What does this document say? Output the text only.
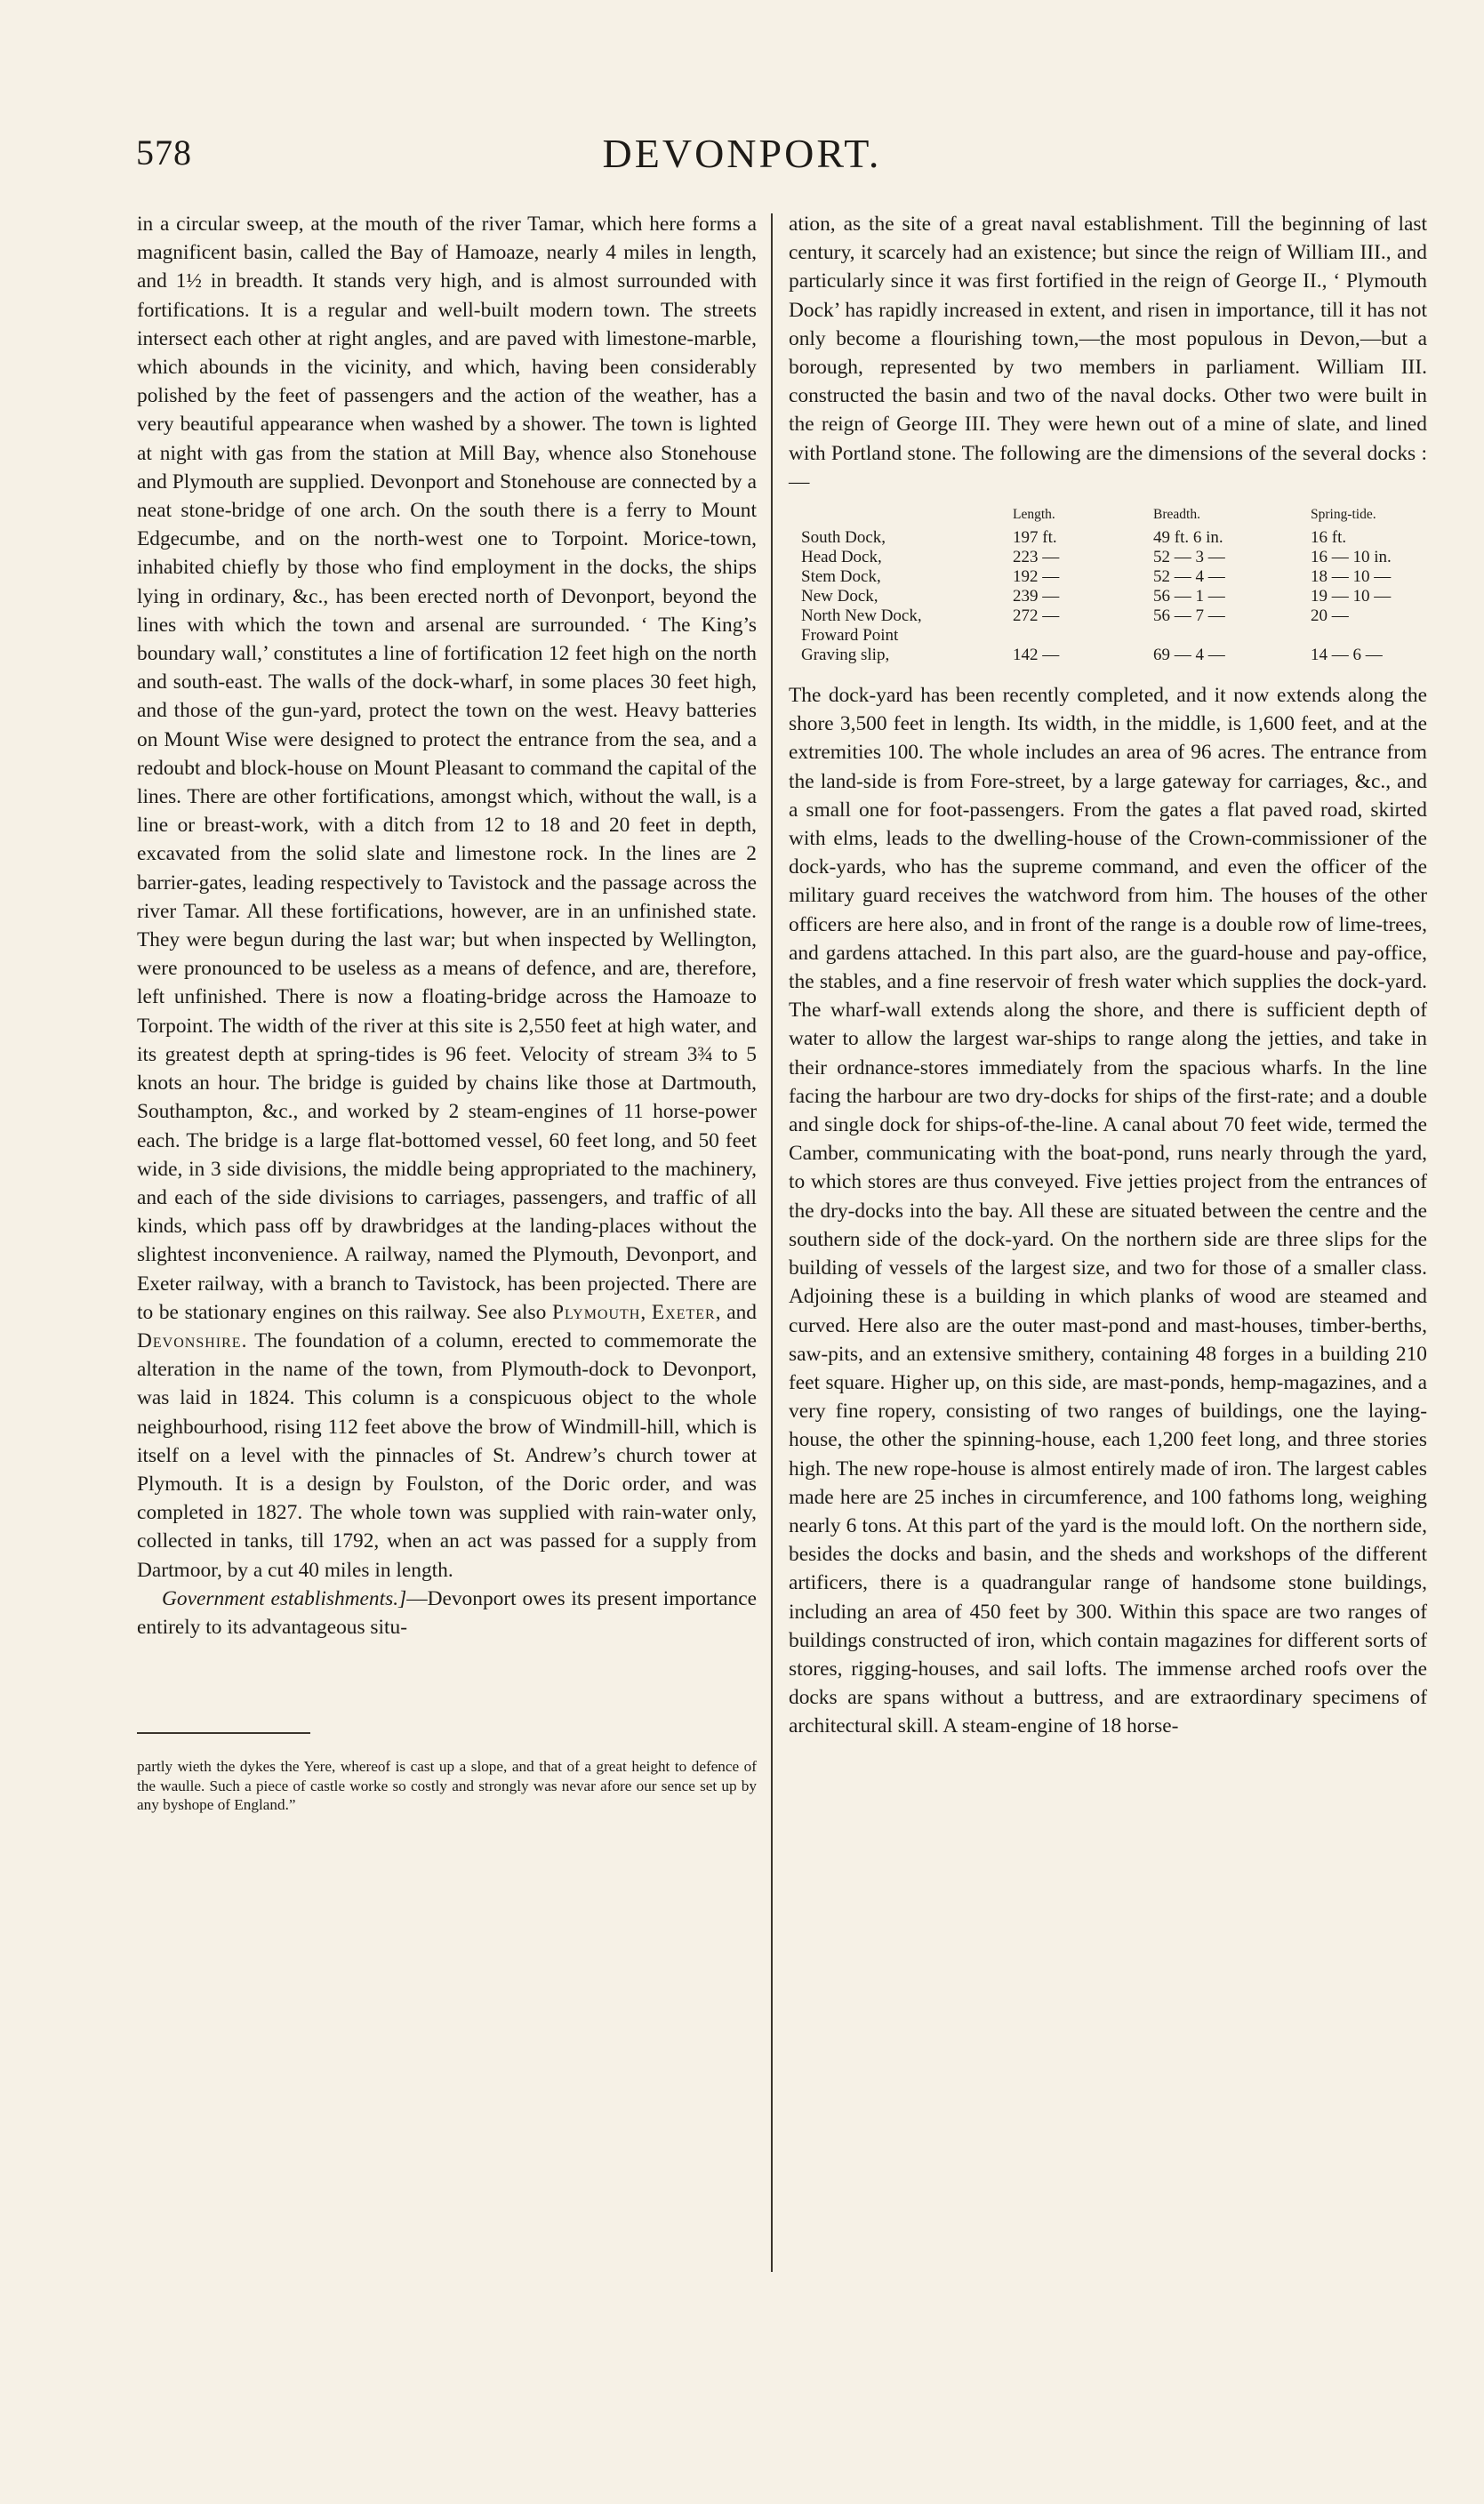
578	DEVONPORT.

in a circular sweep, at the mouth of the river Tamar, which here forms a magnificent basin, called the Bay of Hamoaze, nearly 4 miles in length, and 1½ in breadth. It stands very high, and is almost surrounded with fortifications. It is a regular and well-built modern town. The streets intersect each other at right angles, and are paved with limestone-marble, which abounds in the vicinity, and which, having been considerably polished by the feet of passengers and the action of the weather, has a very beautiful appearance when washed by a shower. The town is lighted at night with gas from the station at Mill Bay, whence also Stonehouse and Plymouth are supplied. Devonport and Stonehouse are connected by a neat stone-bridge of one arch. On the south there is a ferry to Mount Edgecumbe, and on the north-west one to Torpoint. Morice-town, inhabited chiefly by those who find employment in the docks, the ships lying in ordinary, &c., has been erected north of Devonport, beyond the lines with which the town and arsenal are surrounded. ‘ The King’s boundary wall,’ constitutes a line of fortification 12 feet high on the north and south-east. The walls of the dock-wharf, in some places 30 feet high, and those of the gun-yard, protect the town on the west. Heavy batteries on Mount Wise were designed to protect the entrance from the sea, and a redoubt and block-house on Mount Pleasant to command the capital of the lines. There are other fortifications, amongst which, without the wall, is a line or breast-work, with a ditch from 12 to 18 and 20 feet in depth, excavated from the solid slate and limestone rock. In the lines are 2 barrier-gates, leading respectively to Tavistock and the passage across the river Tamar. All these fortifications, however, are in an unfinished state. They were begun during the last war; but when inspected by Wellington, were pronounced to be useless as a means of defence, and are, therefore, left unfinished. There is now a floating-bridge across the Hamoaze to Torpoint. The width of the river at this site is 2,550 feet at high water, and its greatest depth at spring-tides is 96 feet. Velocity of stream 3¾ to 5 knots an hour. The bridge is guided by chains like those at Dartmouth, Southampton, &c., and worked by 2 steam-engines of 11 horse-power each. The bridge is a large flat-bottomed vessel, 60 feet long, and 50 feet wide, in 3 side divisions, the middle being appropriated to the machinery, and each of the side divisions to carriages, passengers, and traffic of all kinds, which pass off by drawbridges at the landing-places without the slightest inconvenience. A railway, named the Plymouth, Devonport, and Exeter railway, with a branch to Tavistock, has been projected. There are to be stationary engines on this railway. See also Plymouth, Exeter, and Devonshire. The foundation of a column, erected to commemorate the alteration in the name of the town, from Plymouth-dock to Devonport, was laid in 1824. This column is a conspicuous object to the whole neighbourhood, rising 112 feet above the brow of Windmill-hill, which is itself on a level with the pinnacles of St. Andrew’s church tower at Plymouth. It is a design by Foulston, of the Doric order, and was completed in 1827. The whole town was supplied with rain-water only, collected in tanks, till 1792, when an act was passed for a supply from Dartmoor, by a cut 40 miles in length.

Government establishments.]—Devonport owes its present importance entirely to its advantageous situ-

partly wieth the dykes the Yere, whereof is cast up a slope, and that of a great height to defence of the waulle. Such a piece of castle worke so costly and strongly was nevar afore our sence set up by any byshope of England.”

ation, as the site of a great naval establishment. Till the beginning of last century, it scarcely had an existence; but since the reign of William III., and particularly since it was first fortified in the reign of George II., ‘ Plymouth Dock’ has rapidly increased in extent, and risen in importance, till it has not only become a flourishing town,—the most populous in Devon,—but a borough, represented by two members in parliament. William III. constructed the basin and two of the naval docks. Other two were built in the reign of George III. They were hewn out of a mine of slate, and lined with Portland stone. The following are the dimensions of the several docks :—

	Length.	Breadth.	Spring-tide.
South Dock,	197 ft.	49 ft. 6 in.	16 ft.
Head Dock,	223 —	52 — 3 —	16 — 10 in.
Stem Dock,	192 —	52 — 4 —	18 — 10 —
New Dock,	239 —	56 — 1 —	19 — 10 —
North New Dock,	272 —	56 — 7 —	20 —
Froward Point			
Graving slip,	142 —	69 — 4 —	14 — 6 —

The dock-yard has been recently completed, and it now extends along the shore 3,500 feet in length. Its width, in the middle, is 1,600 feet, and at the extremities 100. The whole includes an area of 96 acres. The entrance from the land-side is from Fore-street, by a large gateway for carriages, &c., and a small one for foot-passengers. From the gates a flat paved road, skirted with elms, leads to the dwelling-house of the Crown-commissioner of the dock-yards, who has the supreme command, and even the officer of the military guard receives the watchword from him. The houses of the other officers are here also, and in front of the range is a double row of lime-trees, and gardens attached. In this part also, are the guard-house and pay-office, the stables, and a fine reservoir of fresh water which supplies the dock-yard. The wharf-wall extends along the shore, and there is sufficient depth of water to allow the largest war-ships to range along the jetties, and take in their ordnance-stores immediately from the spacious wharfs. In the line facing the harbour are two dry-docks for ships of the first-rate; and a double and single dock for ships-of-the-line. A canal about 70 feet wide, termed the Camber, communicating with the boat-pond, runs nearly through the yard, to which stores are thus conveyed. Five jetties project from the entrances of the dry-docks into the bay. All these are situated between the centre and the southern side of the dock-yard. On the northern side are three slips for the building of vessels of the largest size, and two for those of a smaller class. Adjoining these is a building in which planks of wood are steamed and curved. Here also are the outer mast-pond and mast-houses, timber-berths, saw-pits, and an extensive smithery, containing 48 forges in a building 210 feet square. Higher up, on this side, are mast-ponds, hemp-magazines, and a very fine ropery, consisting of two ranges of buildings, one the laying-house, the other the spinning-house, each 1,200 feet long, and three stories high. The new rope-house is almost entirely made of iron. The largest cables made here are 25 inches in circumference, and 100 fathoms long, weighing nearly 6 tons. At this part of the yard is the mould loft. On the northern side, besides the docks and basin, and the sheds and workshops of the different artificers, there is a quadrangular range of handsome stone buildings, including an area of 450 feet by 300. Within this space are two ranges of buildings constructed of iron, which contain magazines for different sorts of stores, rigging-houses, and sail lofts. The immense arched roofs over the docks are spans without a buttress, and are extraordinary specimens of architectural skill. A steam-engine of 18 horse-
